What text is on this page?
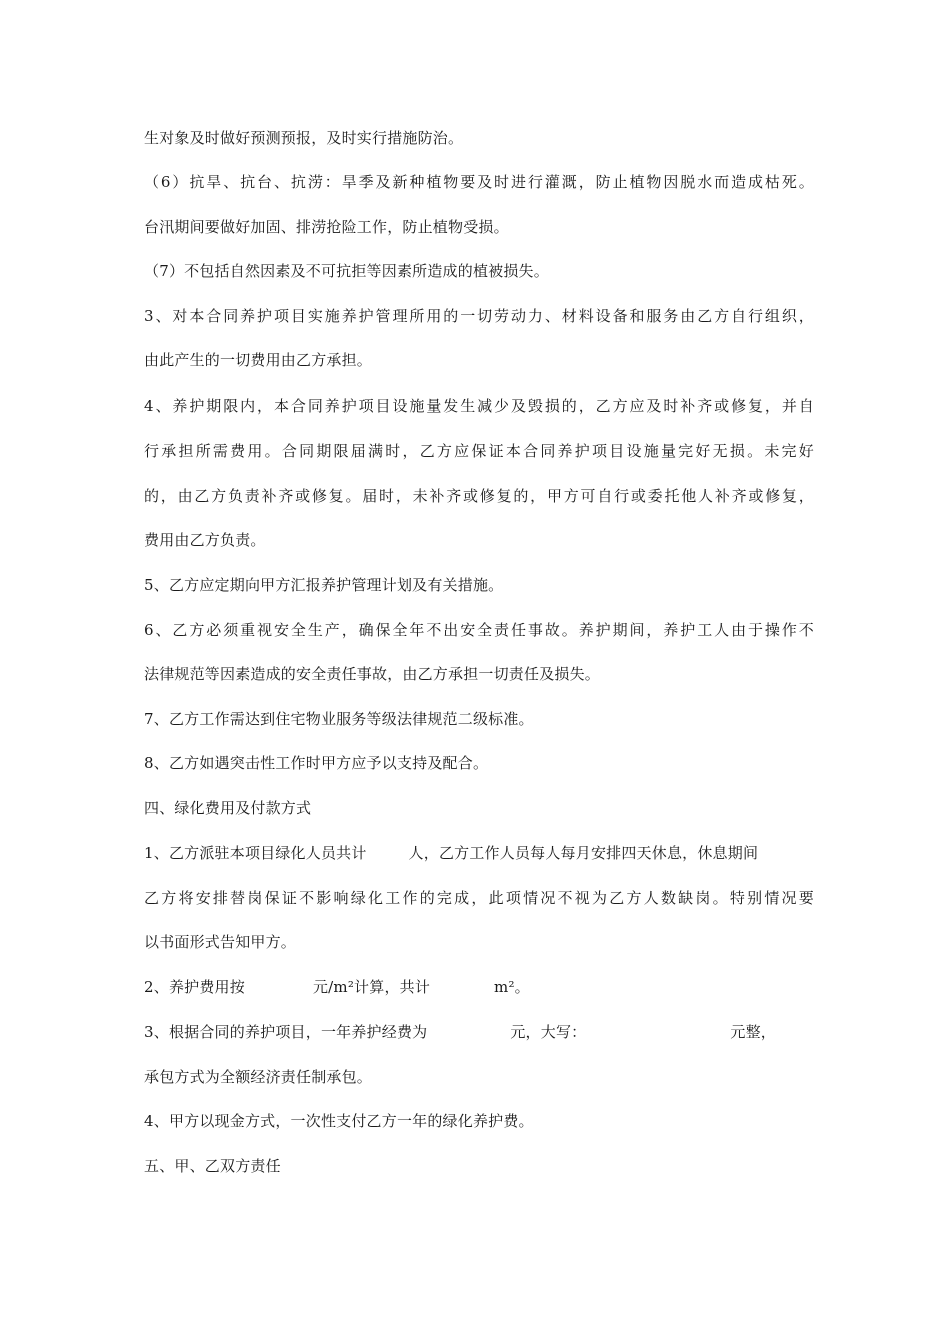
生对象及时做好预测预报，及时实行措施防治。
（6）抗旱、抗台、抗涝：旱季及新种植物要及时进行灌溉，防止植物因脱水而造成枯死。
台汛期间要做好加固、排涝抢险工作，防止植物受损。
（7）不包括自然因素及不可抗拒等因素所造成的植被损失。
3、对本合同养护项目实施养护管理所用的一切劳动力、材料设备和服务由乙方自行组织，
由此产生的一切费用由乙方承担。
4、养护期限内，本合同养护项目设施量发生减少及毁损的，乙方应及时补齐或修复，并自
行承担所需费用。合同期限届满时，乙方应保证本合同养护项目设施量完好无损。未完好
的，由乙方负责补齐或修复。届时，未补齐或修复的，甲方可自行或委托他人补齐或修复，
费用由乙方负责。
5、乙方应定期向甲方汇报养护管理计划及有关措施。
6、乙方必须重视安全生产，确保全年不出安全责任事故。养护期间，养护工人由于操作不
法律规范等因素造成的安全责任事故，由乙方承担一切责任及损失。
7、乙方工作需达到住宅物业服务等级法律规范二级标准。
8、乙方如遇突击性工作时甲方应予以支持及配合。
四、绿化费用及付款方式
1、乙方派驻本项目绿化人员共计	人，乙方工作人员每人每月安排四天休息，休息期间
乙方将安排替岗保证不影响绿化工作的完成，此项情况不视为乙方人数缺岗。特别情况要
以书面形式告知甲方。
2、养护费用按	元/m²计算，共计	m²。
3、根据合同的养护项目，一年养护经费为	元，大写：	元整，
承包方式为全额经济责任制承包。
4、甲方以现金方式，一次性支付乙方一年的绿化养护费。
五、甲、乙双方责任
